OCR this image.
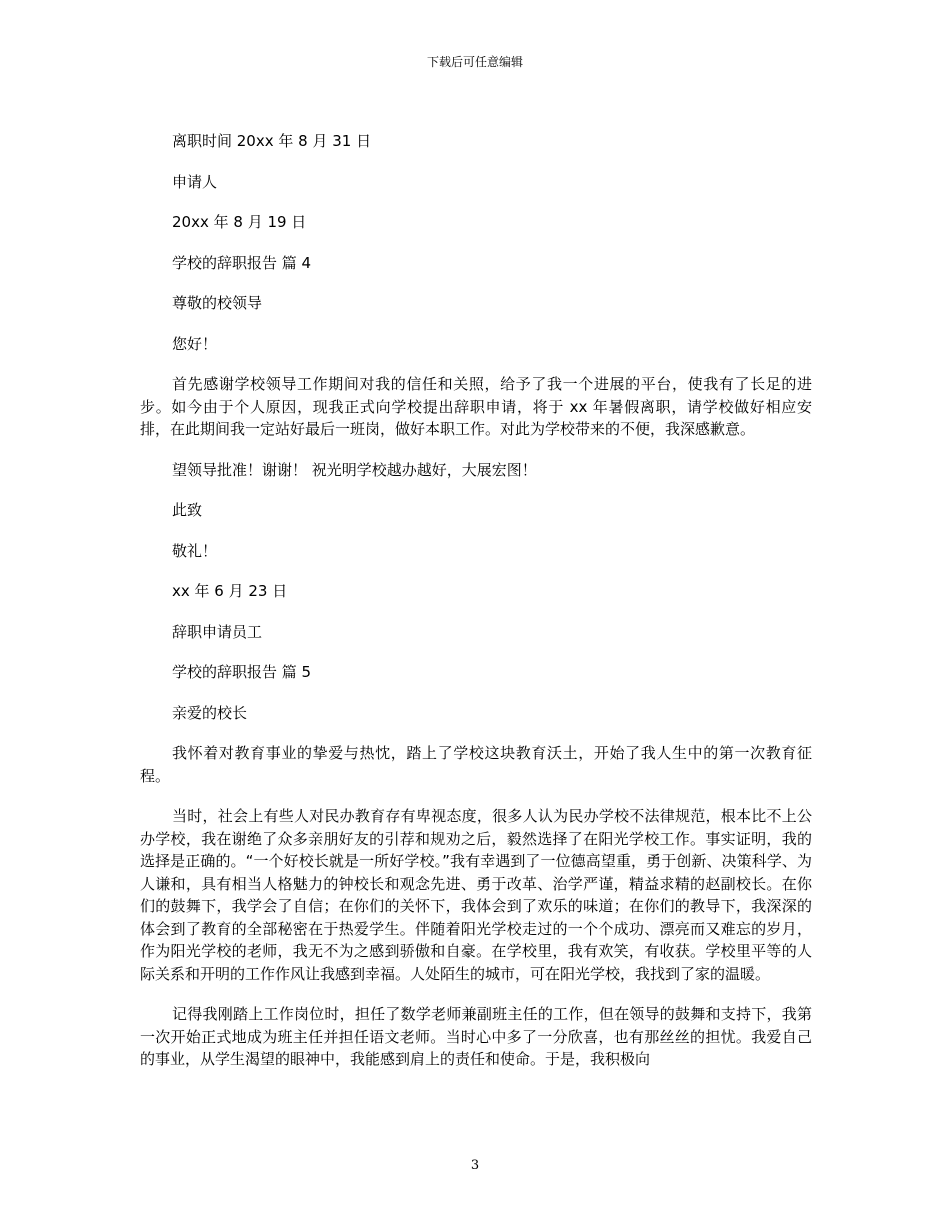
下载后可任意编辑

离职时间 20xx 年 8 月 31 日

申请人

20xx 年 8 月 19 日

学校的辞职报告 篇 4

尊敬的校领导

您好！

首先感谢学校领导工作期间对我的信任和关照，给予了我一个进展的平台，使我有了长足的进步。如今由于个人原因，现我正式向学校提出辞职申请，将于 xx 年暑假离职，请学校做好相应安排，在此期间我一定站好最后一班岗，做好本职工作。对此为学校带来的不便，我深感歉意。

望领导批准！谢谢！ 祝光明学校越办越好，大展宏图！

此致

敬礼！

xx 年 6 月 23 日

辞职申请员工

学校的辞职报告 篇 5

亲爱的校长

我怀着对教育事业的挚爱与热忱，踏上了学校这块教育沃土，开始了我人生中的第一次教育征程。

当时，社会上有些人对民办教育存有卑视态度，很多人认为民办学校不法律规范，根本比不上公办学校，我在谢绝了众多亲朋好友的引荐和规劝之后，毅然选择了在阳光学校工作。事实证明，我的选择是正确的。“一个好校长就是一所好学校。”我有幸遇到了一位德高望重，勇于创新、决策科学、为人谦和，具有相当人格魅力的钟校长和观念先进、勇于改革、治学严谨，精益求精的赵副校长。在你们的鼓舞下，我学会了自信；在你们的关怀下，我体会到了欢乐的味道；在你们的教导下，我深深的体会到了教育的全部秘密在于热爱学生。伴随着阳光学校走过的一个个成功、漂亮而又难忘的岁月，作为阳光学校的老师，我无不为之感到骄傲和自豪。在学校里，我有欢笑，有收获。学校里平等的人际关系和开明的工作作风让我感到幸福。人处陌生的城市，可在阳光学校，我找到了家的温暖。

记得我刚踏上工作岗位时，担任了数学老师兼副班主任的工作，但在领导的鼓舞和支持下，我第一次开始正式地成为班主任并担任语文老师。当时心中多了一分欣喜，也有那丝丝的担忧。我爱自己的事业，从学生渴望的眼神中，我能感到肩上的责任和使命。于是，我积极向

3
